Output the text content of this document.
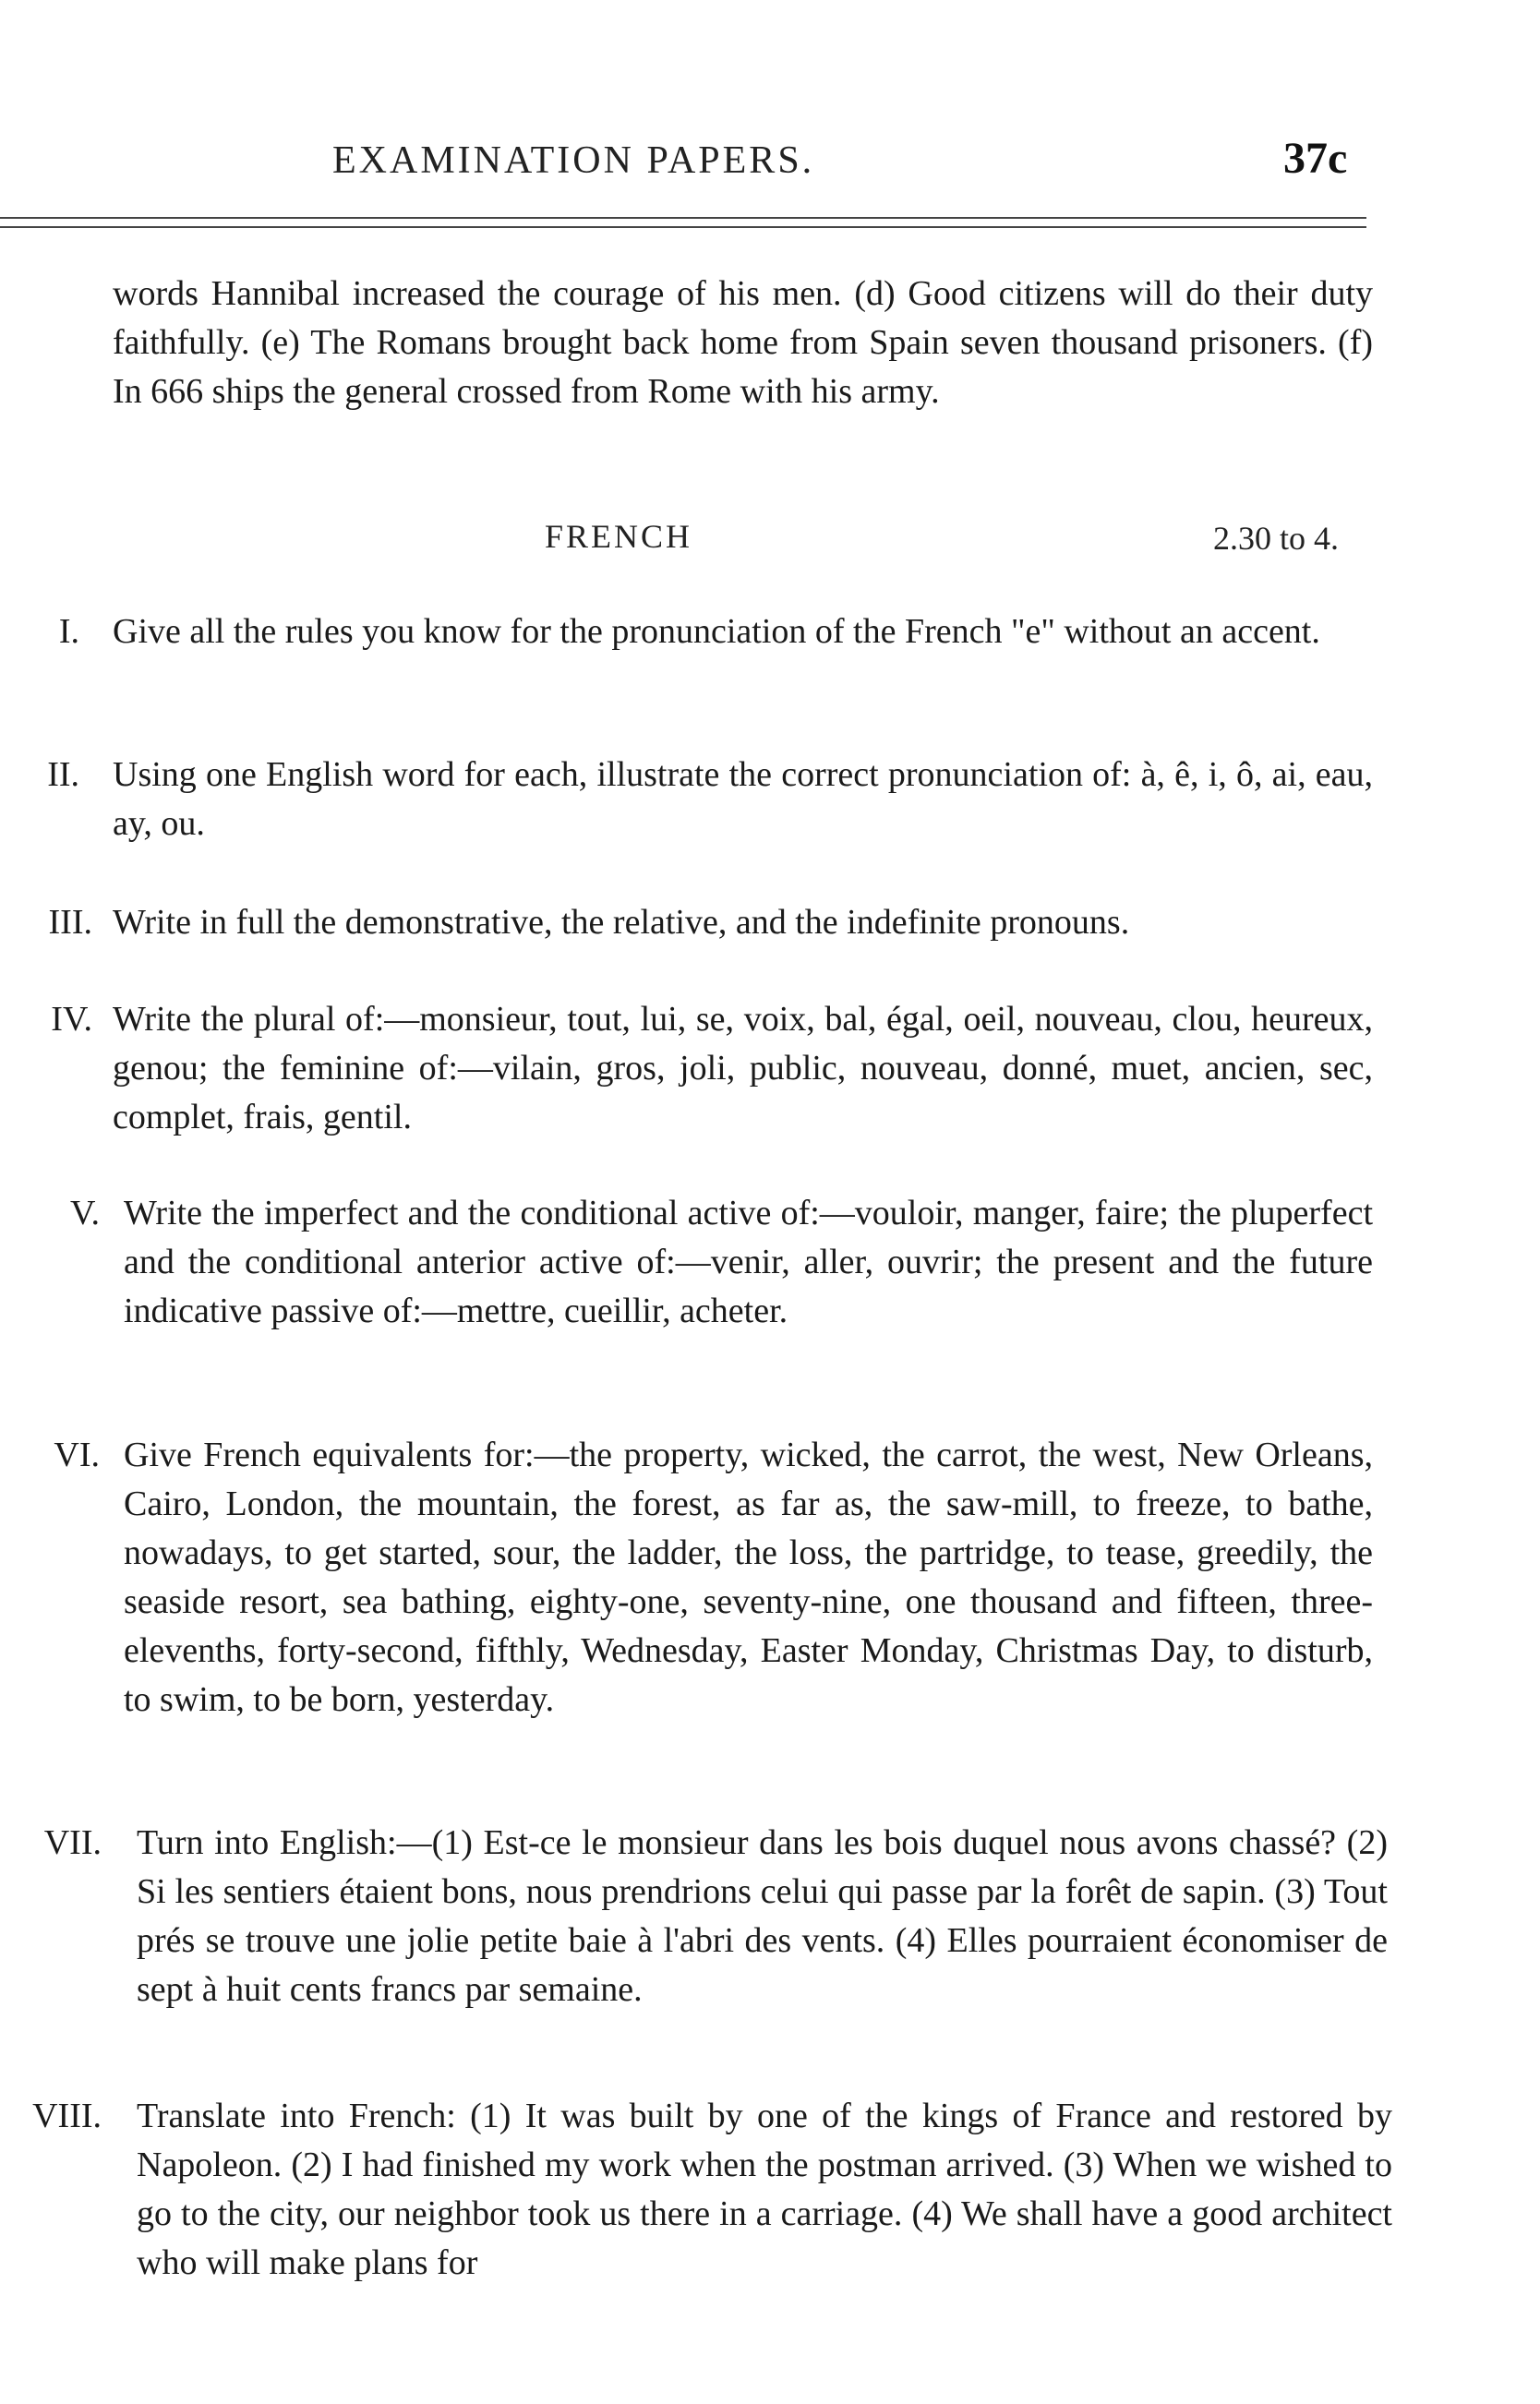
EXAMINATION PAPERS.	37c

words Hannibal increased the courage of his men. (d) Good citizens will do their duty faithfully. (e) The Romans brought back home from Spain seven thousand prisoners. (f) In 666 ships the general crossed from Rome with his army.

FRENCH	2.30 to 4.
I. Give all the rules you know for the pronunciation of the French "e" without an accent.
II. Using one English word for each, illustrate the correct pronunciation of: à, ê, i, ô, ai, eau, ay, ou.
III. Write in full the demonstrative, the relative, and the indefinite pronouns.
IV. Write the plural of:—monsieur, tout, lui, se, voix, bal, égal, oeil, nouveau, clou, heureux, genou; the feminine of:—vilain, gros, joli, public, nouveau, donné, muet, ancien, sec, complet, frais, gentil.
V. Write the imperfect and the conditional active of:—vouloir, manger, faire; the pluperfect and the conditional anterior active of:—venir, aller, ouvrir; the present and the future indicative passive of:—mettre, cueillir, acheter.
VI. Give French equivalents for:—the property, wicked, the carrot, the west, New Orleans, Cairo, London, the mountain, the forest, as far as, the saw-mill, to freeze, to bathe, nowadays, to get started, sour, the ladder, the loss, the partridge, to tease, greedily, the seaside resort, sea bathing, eighty-one, seventy-nine, one thousand and fifteen, three-elevenths, forty-second, fifthly, Wednesday, Easter Monday, Christmas Day, to disturb, to swim, to be born, yesterday.
VII. Turn into English:—(1) Est-ce le monsieur dans les bois duquel nous avons chassé? (2) Si les sentiers étaient bons, nous prendrions celui qui passe par la forêt de sapin. (3) Tout prés se trouve une jolie petite baie à l'abri des vents. (4) Elles pourraient économiser de sept à huit cents francs par semaine.
VIII. Translate into French: (1) It was built by one of the kings of France and restored by Napoleon. (2) I had finished my work when the postman arrived. (3) When we wished to go to the city, our neighbor took us there in a carriage. (4) We shall have a good architect who will make plans for
